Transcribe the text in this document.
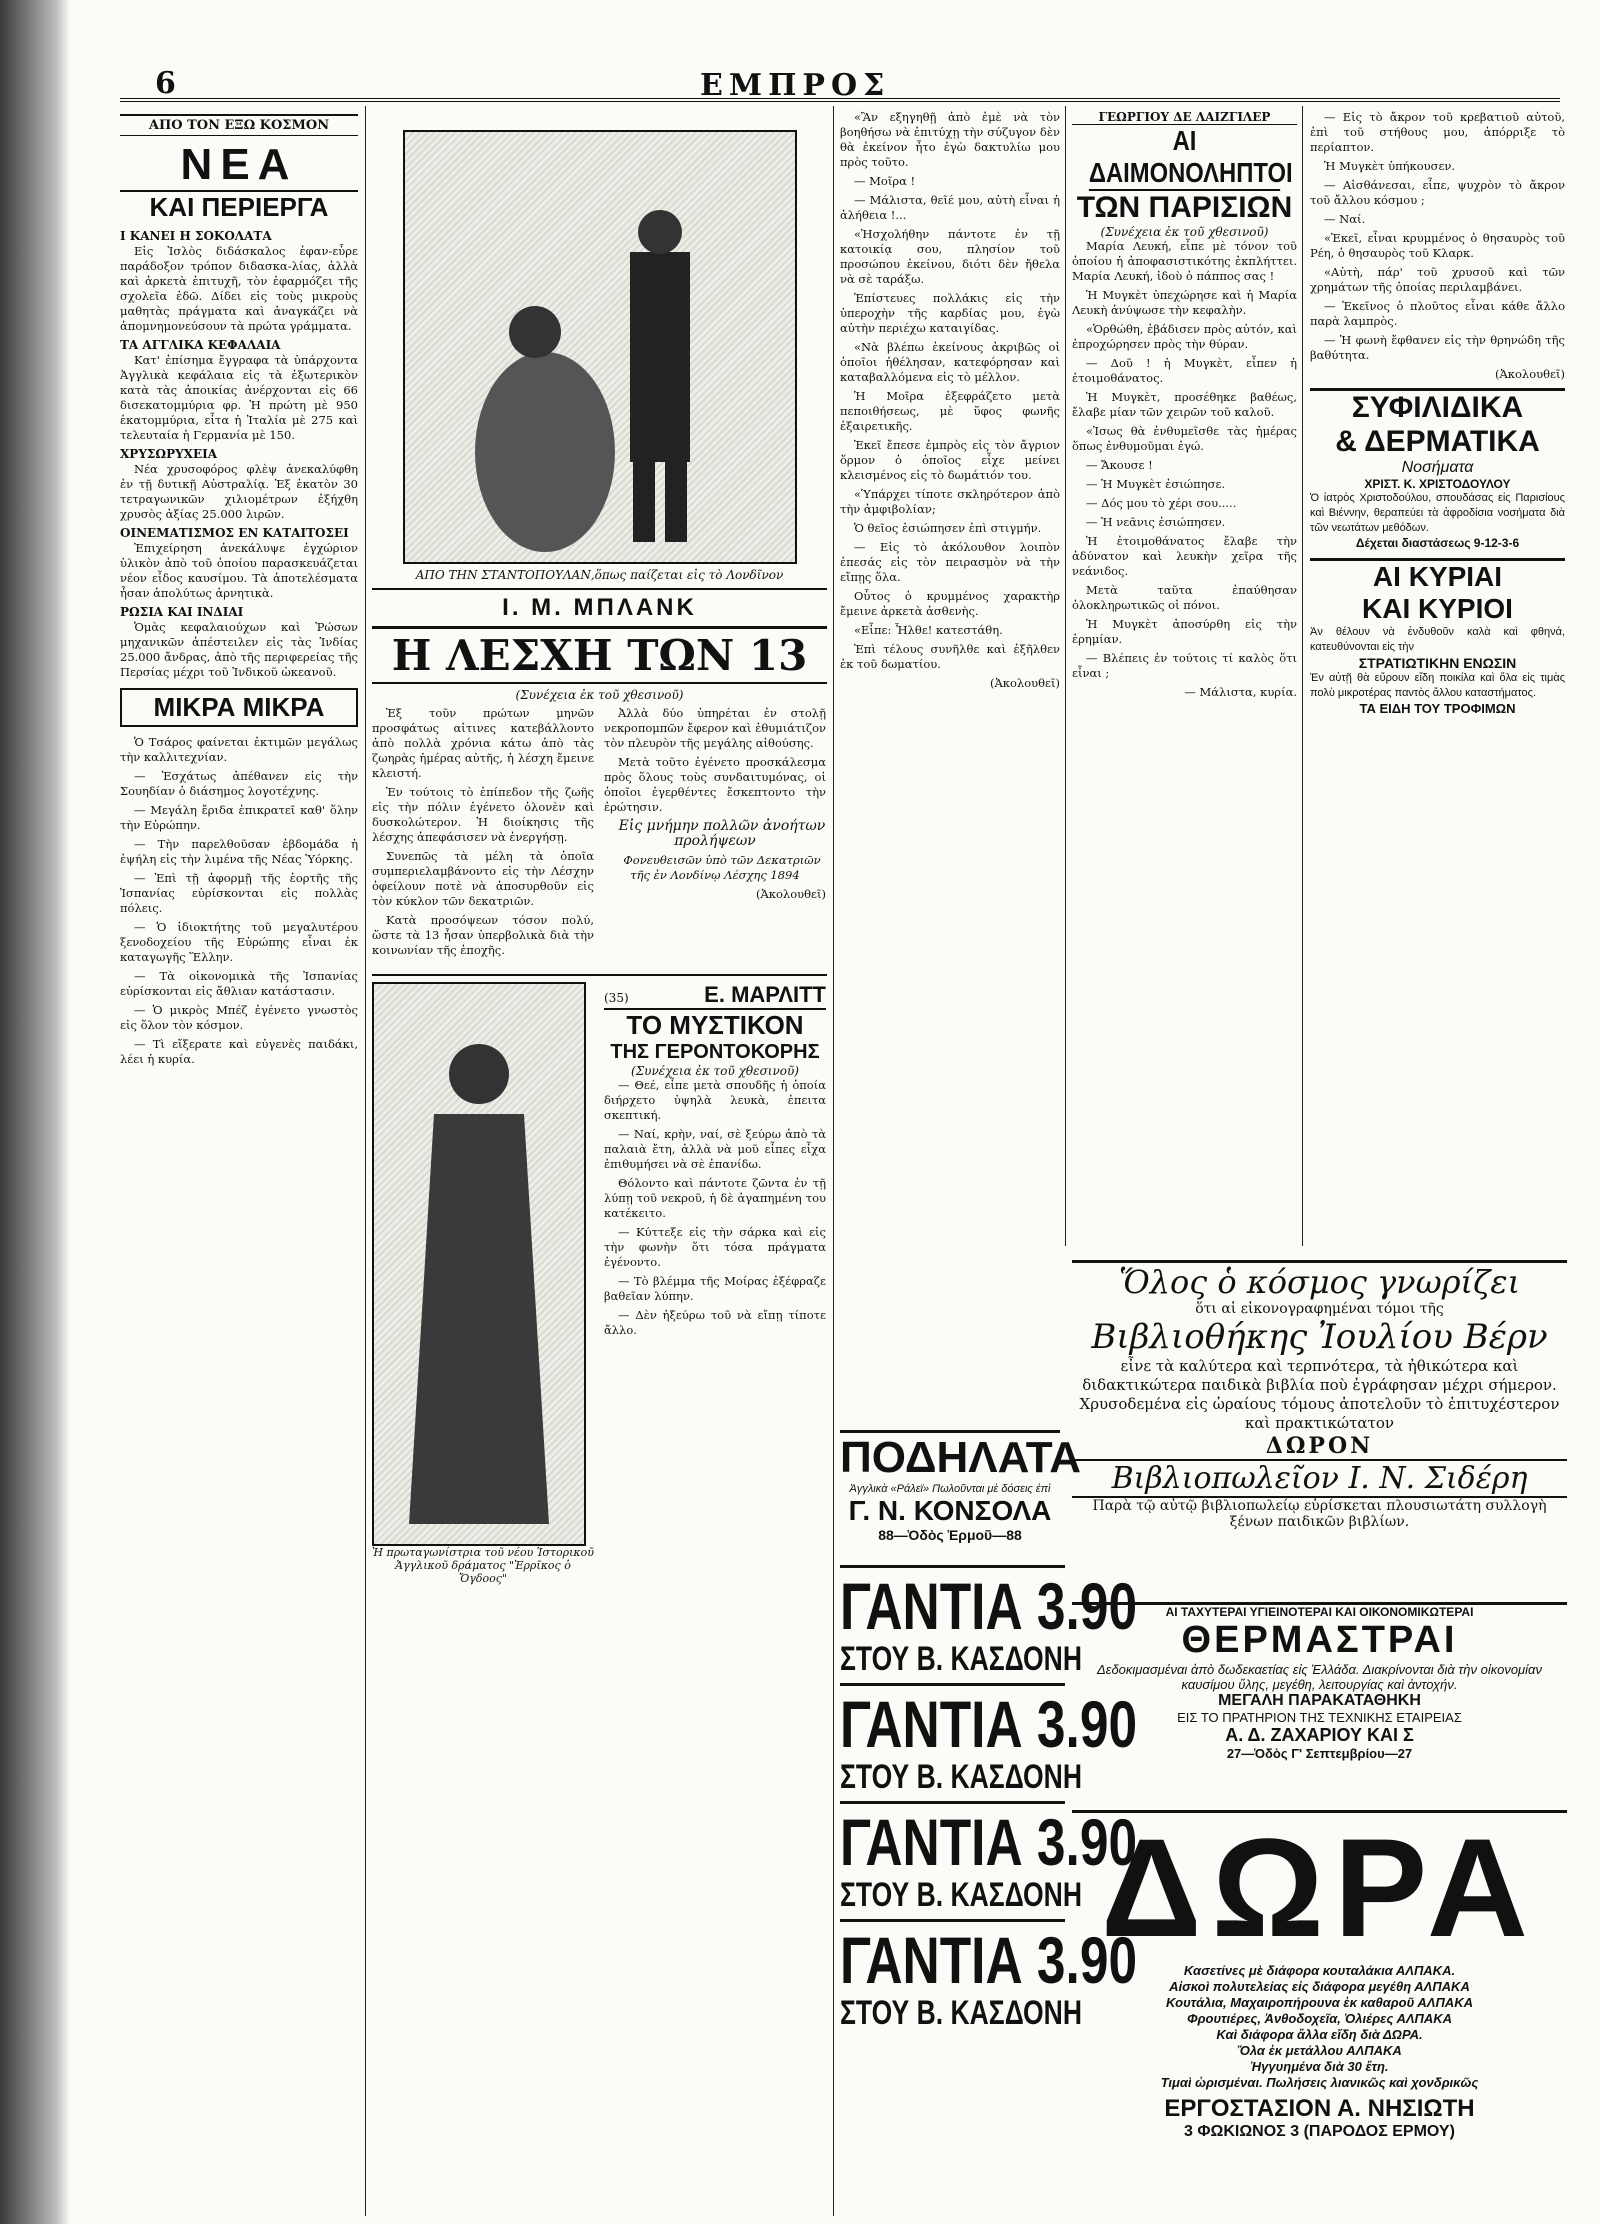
6	ΕΜΠΡΟΣ
ΑΠΟ ΤΟΝ ΕΞΩ ΚΟΣΜΟΝ
ΝΕΑ
ΚΑΙ ΠΕΡΙΕΡΓΑ
Ι ΚΑΝΕΙ Η ΣΟΚΟΛΑΤΑ

Εἰς Ἰσλὸς διδάσκαλος ἐφαν-εὗρε παράδοξον τρόπον διδασκα-λίας, ἀλλὰ καὶ ἀρκετὰ ἐπιτυχῆ, τὸν ἐφαρμόζει τῆς σχολεῖα ἐδῶ. Δίδει εἰς τοὺς μικροὺς μαθητὰς πράγματα καὶ ἀναγκάζει νὰ ἀπομνημονεύσουν τὰ πρώτα γράμματα.

ΤΑ ΑΓΓΛΙΚΑ ΚΕΦΑΛΑΙΑ

Κατ' ἐπίσημα ἔγγραφα τὰ ὑπάρχοντα Ἀγγλικὰ κεφάλαια εἰς τὰ ἐξωτερικὸν κατὰ τὰς ἀποικίας ἀνέρχονται εἰς 66 δισεκατομμύρια φρ. Ἡ πρώτη μὲ 950 ἑκατομμύρια, εἶτα ἡ Ἰταλία μὲ 275 καὶ τελευταία ἡ Γερμανία μὲ 150.

ΧΡΥΣΩΡΥΧΕΙΑ

Νέα χρυσοφόρος φλὲψ ἀνεκαλύφθη ἐν τῇ δυτικῇ Αὐστραλίᾳ. Ἐξ ἑκατὸν 30 τετραγωνικῶν χιλιομέτρων ἐξήχθη χρυσὸς ἀξίας 25.000 λιρῶν.

ΟΙΝΕΜΑΤΙΣΜΟΣ ΕΝ ΚΑΤΑΙΤΟΣΕΙ

Ἐπιχείρηση ἀνεκάλυψε ἐγχώριον ὑλικὸν ἀπὸ τοῦ ὁποίου παρασκευάζεται νέον εἶδος καυσίμου. Τὰ ἀποτελέσματα ἦσαν ἀπολύτως ἀρνητικὰ.

ΡΩΣΙΑ ΚΑΙ ΙΝΔΙΑΙ

Ὁμὰς κεφαλαιούχων καὶ Ῥώσων μηχανικῶν ἀπέστειλεν εἰς τὰς Ἰνδίας 25.000 ἄνδρας, ἀπὸ τῆς περιφερείας τῆς Περσίας μέχρι τοῦ Ἰνδικοῦ ὠκεανοῦ.

ΜΙΚΡΑ ΜΙΚΡΑ

Ὁ Τσάρος φαίνεται ἐκτιμῶν μεγάλως τὴν καλλιτεχνίαν.

— Ἐσχάτως ἀπέθανεν εἰς τὴν Σουηδίαν ὁ διάσημος λογοτέχνης.

— Μεγάλη ἔριδα ἐπικρατεῖ καθ' ὅλην τὴν Εὐρώπην.

— Τὴν παρελθοῦσαν ἑβδομάδα ἡ ἐψήλη εἰς τὴν λιμένα τῆς Νέας Ὑόρκης.

— Ἐπὶ τῇ ἀφορμῇ τῆς ἑορτῆς τῆς Ἰσπανίας εὐρίσκονται εἰς πολλὰς πόλεις.

— Ὁ ἰδιοκτήτης τοῦ μεγαλυτέρου ξενοδοχείου τῆς Εὐρώπης εἶναι ἐκ καταγωγῆς Ἕλλην.

— Τὰ οἰκονομικὰ τῆς Ἰσπανίας εὐρίσκονται εἰς ἄθλιαν κατάστασιν.

— Ὁ μικρὸς Μπέζ ἐγένετο γνωστὸς εἰς ὅλον τὸν κόσμον.

— Τὶ εἴξερατε καὶ εὐγενὲς παιδάκι, λέει ἡ κυρία.

ΑΠΟ ΤΗΝ ΣΤΑΝΤΟΠΟΥΛΑΝ,ὅπως παίζεται εἰς τὸ Λονδῖνον
Ι. Μ. ΜΠΛΑΝΚ
Η ΛΕΣΧΗ ΤΩΝ 13
(Συνέχεια ἐκ τοῦ χθεσινοῦ)

Ἐξ τοῦν πρώτων μηνῶν προσφάτως αἰτινες κατεβάλλοντο ἀπὸ πολλὰ χρόνια κάτω ἀπὸ τὰς ζωηρὰς ἡμέρας αὐτῆς, ἡ λέσχη ἔμεινε κλειστή.

Ἐν τούτοις τὸ ἐπίπεδον τῆς ζωῆς εἰς τὴν πόλιν ἐγένετο ὁλονὲν καὶ δυσκολώτερον. Ἡ διοίκησις τῆς λέσχης ἀπεφάσισεν νὰ ἐνεργήσῃ.

Συνεπῶς τὰ μέλη τὰ ὁποῖα συμπεριελαμβάνοντο εἰς τὴν Λέσχην ὀφείλουν ποτὲ νὰ ἀποσυρθοῦν εἰς τὸν κύκλον τῶν δεκατριῶν.

Κατὰ προσόψεων τόσον πολύ, ὥστε τὰ 13 ἦσαν ὑπερβολικὰ διὰ τὴν κοινωνίαν τῆς ἐποχῆς.

Ἀλλὰ δύο ὑπηρέται ἐν στολῇ νεκροπομπῶν ἔφερον καὶ ἐθυμιάτιζον τὸν πλευρὸν τῆς μεγάλης αἰθούσης.

Μετὰ τοῦτο ἐγένετο προσκάλεσμα πρὸς ὅλους τοὺς συνδαιτυμόνας, οἱ ὁποῖοι ἐγερθέντες ἔσκεπτοντο τὴν ἐρώτησιν.

Εἰς μνήμην πολλῶν ἀνοήτων προλήψεων

Φονευθεισῶν ὑπὸ τῶν Δεκατριῶν τῆς ἐν Λονδίνῳ Λέσχης 1894

(Ἀκολουθεῖ)

Ἡ πρωταγωνίστρια τοῦ νέου Ἱστορικοῦ Ἀγγλικοῦ δράματος "Ἐρρῖκος ὁ Ὄγδοος"
(35)	Ε. ΜΑΡΛΙΤΤ
ΤΟ ΜΥΣΤΙΚΟΝ
ΤΗΣ ΓΕΡΟΝΤΟΚΟΡΗΣ
(Συνέχεια ἐκ τοῦ χθεσινοῦ)

— Θεέ, εἶπε μετὰ σπουδῆς ἡ ὁποία διήρχετο ὑψηλὰ λευκὰ, ἐπειτα σκεπτική.

— Ναί, κρὴν, ναί, σὲ ξεύρω ἀπὸ τὰ παλαιὰ ἔτη, ἀλλὰ νὰ μοῦ εἶπες εἶχα ἐπιθυμήσει νὰ σὲ ἐπανίδω.

Θόλοντο καὶ πάντοτε ζῶντα ἐν τῇ λύπῃ τοῦ νεκροῦ, ἡ δὲ ἀγαπημένη του κατέκειτο.

— Κύττεξε εἰς τὴν σάρκα καὶ εἰς τὴν φωνὴν ὅτι τόσα πράγματα ἐγένοντο.

— Τὸ βλέμμα τῆς Μοίρας ἐξέφραζε βαθεῖαν λύπην.

— Δὲν ἠξεύρω τοῦ νὰ εἴπῃ τίποτε ἄλλο.

«Ἂν εξηγηθῇ ἀπὸ ἐμὲ νὰ τὸν βοηθήσω νὰ ἐπιτύχῃ τὴν σύζυγον δὲν θὰ ἐκείνον ἦτο ἐγὼ δακτυλίω μου πρὸς τοῦτο.

— Μοῖρα !

— Μάλιστα, θεῖέ μου, αὐτὴ εἶναι ἡ ἀλήθεια !...

«Ἠσχολήθην πάντοτε ἐν τῇ κατοικίᾳ σου, πλησίον τοῦ προσώπου ἐκείνου, διότι δὲν ἤθελα νὰ σὲ ταράξω.

Ἐπίστευες πολλάκις εἰς τὴν ὑπεροχὴν τῆς καρδίας μου, ἐγὼ αὐτὴν περιέχω καταιγίδας.

«Νὰ βλέπω ἐκείνους ἀκριβῶς οἱ ὁποῖοι ἠθέλησαν, κατεφόρησαν καὶ καταβαλλόμενα εἰς τὸ μέλλον.

Ἡ Μοῖρα ἐξεφράζετο μετὰ πεποιθήσεως, μὲ ὕφος φωνῆς ἐξαιρετικῆς.

Ἐκεῖ ἔπεσε ἐμπρὸς εἰς τὸν ἄγριον ὅρμον ὁ ὁποῖος εἶχε μείνει κλεισμένος εἰς τὸ δωμάτιόν του.

«Ὑπάρχει τίποτε σκληρότερον ἀπὸ τὴν ἀμφιβολίαν;

Ὁ θεῖος ἐσιώπησεν ἐπὶ στιγμήν.

— Εἰς τὸ ἀκόλουθον λοιπὸν ἐπεσάς εἰς τὸν πειρασμὸν νὰ τὴν εἴπῃς ὅλα.

Οὗτος ὁ κρυμμένος χαρακτὴρ ἔμεινε ἀρκετὰ ἀσθενὴς.

«Εἶπε: Ἦλθε! κατεστάθη.

Ἐπὶ τέλους συνῆλθε καὶ ἐξῆλθεν ἐκ τοῦ δωματίου.

(Ἀκολουθεῖ)

ΠΟΔΗΛΑΤΑ
Ἀγγλικὰ «Ράλεϊ» Πωλοῦνται μὲ δόσεις ἐπὶ
Γ. Ν. ΚΟΝΣΟΛΑ
88—Ὁδὸς Ἑρμοῦ—88
ΓΑΝΤΙΑ 3.90 ΣΤΟΥ Β. ΚΑΣΔΟΝΗ
ΓΑΝΤΙΑ 3.90 ΣΤΟΥ Β. ΚΑΣΔΟΝΗ
ΓΑΝΤΙΑ 3.90 ΣΤΟΥ Β. ΚΑΣΔΟΝΗ
ΓΑΝΤΙΑ 3.90 ΣΤΟΥ Β. ΚΑΣΔΟΝΗ
ΓΕΩΡΓΙΟΥ ΔΕ ΛΑΙΖΓΙΛΕΡ
ΑΙ ΔΑΙΜΟΝΟΛΗΠΤΟΙ
ΤΩΝ ΠΑΡΙΣΙΩΝ
(Συνέχεια ἐκ τοῦ χθεσινοῦ)

Μαρία Λευκή, εἶπε μὲ τόνον τοῦ ὁποίου ἡ ἀποφασιστικότης ἐκπλήττει. Μαρία Λευκή, ἰδοὺ ὁ πάππος σας !

Ἡ Μυγκὲτ ὑπεχώρησε καὶ ἡ Μαρία Λευκὴ ἀνύψωσε τὴν κεφαλὴν.

«Ὁρθώθη, ἐβάδισεν πρὸς αὐτόν, καὶ ἐπροχώρησεν πρὸς τὴν θύραν.

— Δοῦ ! ἡ Μυγκὲτ, εἶπεν ἡ ἐτοιμοθάνατος.

Ἡ Μυγκὲτ, προσέθηκε βαθέως, ἔλαβε μίαν τῶν χειρῶν τοῦ καλοῦ.

«Ἰσως θὰ ἐνθυμεῖσθε τὰς ἡμέρας ὅπως ἐνθυμοῦμαι ἐγώ.

— Ἄκουσε !

— Ἡ Μυγκὲτ ἐσιώπησε.

— Δός μου τὸ χέρι σου.....

— Ἡ νεᾶνις ἐσιώπησεν.

Ἡ ἐτοιμοθάνατος ἔλαβε τὴν ἀδύνατον καὶ λευκὴν χεῖρα τῆς νεάνιδος.

Μετὰ ταῦτα ἐπαύθησαν ὁλοκληρωτικῶς οἱ πόνοι.

Ἡ Μυγκὲτ ἀποσύρθη εἰς τὴν ἐρημίαν.

— Βλέπεις ἐν τούτοις τί καλὸς ὅτι εἶναι ;

— Μάλιστα, κυρία.

— Εἰς τὸ ἄκρον τοῦ κρεβατιοῦ αὐτοῦ, ἐπὶ τοῦ στήθους μου, ἀπόρριξε τὸ περίαπτον.

Ἡ Μυγκὲτ ὑπήκουσεν.

— Αἰσθάνεσαι, εἶπε, ψυχρὸν τὸ ἄκρον τοῦ ἄλλου κόσμου ;

— Ναί.

«Ἐκεῖ, εἶναι κρυμμένος ὁ θησαυρὸς τοῦ Ρέη, ὁ θησαυρὸς τοῦ Κλαρκ.

«Αὐτὴ, πάρ' τοῦ χρυσοῦ καὶ τῶν χρημάτων τῆς ὁποίας περιλαμβάνει.

— Ἐκεῖνος ὁ πλοῦτος εἶναι κάθε ἄλλο παρὰ λαμπρὸς.

— Ἡ φωνὴ ἔφθανεν εἰς τὴν θρηνώδη τῆς βαθύτητα.

(Ἀκολουθεῖ)

ΣΥΦΙΛΙΔΙΚΑ
& ΔΕΡΜΑΤΙΚΑ
Νοσήματα
ΧΡΙΣΤ. Κ. ΧΡΙΣΤΟΔΟΥΛΟΥ
Ὁ ἰατρὸς Χριστοδούλου, σπουδάσας εἰς Παρισίους καὶ Βιέννην, θεραπεύει τὰ ἀφροδίσια νοσήματα διὰ τῶν νεωτάτων μεθόδων.
Δέχεται διαστάσεως 9-12-3-6
ΑΙ ΚΥΡΙΑΙ
ΚΑΙ ΚΥΡΙΟΙ
Ἀν θέλουν νὰ ἐνδυθοῦν καλὰ καὶ φθηνά, κατευθύνονται εἰς τὴν
ΣΤΡΑΤΙΩΤΙΚΗΝ ΕΝΩΣΙΝ
Ἐν αὐτῇ θὰ εὕρουν εἴδη ποικίλα καὶ ὅλα εἰς τιμὰς πολὺ μικροτέρας παντὸς ἄλλου καταστήματος.
ΤΑ ΕΙΔΗ ΤΟΥ ΤΡΟΦΙΜΩΝ
Ὅλος ὁ κόσμος γνωρίζει
ὅτι αἱ εἰκονογραφημέναι τόμοι τῆς
Βιβλιοθήκης Ἰουλίου Βέρν
εἶνε τὰ καλύτερα καὶ τερπνότερα, τὰ ἠθικώτερα καὶ διδακτικώτερα παιδικὰ βιβλία ποὺ ἐγράφησαν μέχρι σήμερον.
Χρυσοδεμένα εἰς ὡραίους τόμους ἀποτελοῦν τὸ ἐπιτυχέστερον καὶ πρακτικώτατον
ΔΩΡΟΝ
Βιβλιοπωλεῖον Ι. Ν. Σιδέρη
Παρὰ τῷ αὐτῷ βιβλιοπωλείῳ εὑρίσκεται πλουσιωτάτη συλλογὴ ξένων παιδικῶν βιβλίων.
ΑΙ ΤΑΧΥΤΕΡΑΙ ΥΓΙΕΙΝΟΤΕΡΑΙ ΚΑΙ ΟΙΚΟΝΟΜΙΚΩΤΕΡΑΙ
ΘΕΡΜΑΣΤΡΑΙ
Δεδοκιμασμέναι ἀπὸ δωδεκαετίας εἰς Ἑλλάδα. Διακρίνονται διὰ τὴν οἰκονομίαν καυσίμου ὕλης, μεγέθη, λειτουργίας καὶ ἀντοχήν.
ΜΕΓΑΛΗ ΠΑΡΑΚΑΤΑΘΗΚΗ
ΕΙΣ ΤΟ ΠΡΑΤΗΡΙΟΝ ΤΗΣ ΤΕΧΝΙΚΗΣ ΕΤΑΙΡΕΙΑΣ
Α. Δ. ΖΑΧΑΡΙΟΥ ΚΑΙ Σ
27—Ὁδὸς Γ' Σεπτεμβρίου—27
ΔΩΡΑ
Κασετίνες μὲ διάφορα κουταλάκια ΑΛΠΑΚΑ.
Αἰσκοὶ πολυτελείας εἰς διάφορα μεγέθη ΑΛΠΑΚΑ
Κουτάλια, Μαχαιροπήρουνα ἐκ καθαροῦ ΑΛΠΑΚΑ
Φρουτιέρες, Ἀνθοδοχεῖα, Ὀλιέρες ΑΛΠΑΚΑ
Καὶ διάφορα ἄλλα εἴδη διὰ ΔΩΡΑ.
Ὅλα ἐκ μετάλλου ΑΛΠΑΚΑ
Ἠγγυημένα διὰ 30 ἔτη.
Τιμαὶ ὡρισμέναι. Πωλήσεις λιανικῶς καὶ χονδρικῶς
ΕΡΓΟΣΤΑΣΙΟΝ Α. ΝΗΣΙΩΤΗ
3 ΦΩΚΙΩΝΟΣ 3 (ΠΑΡΟΔΟΣ ΕΡΜΟΥ)
